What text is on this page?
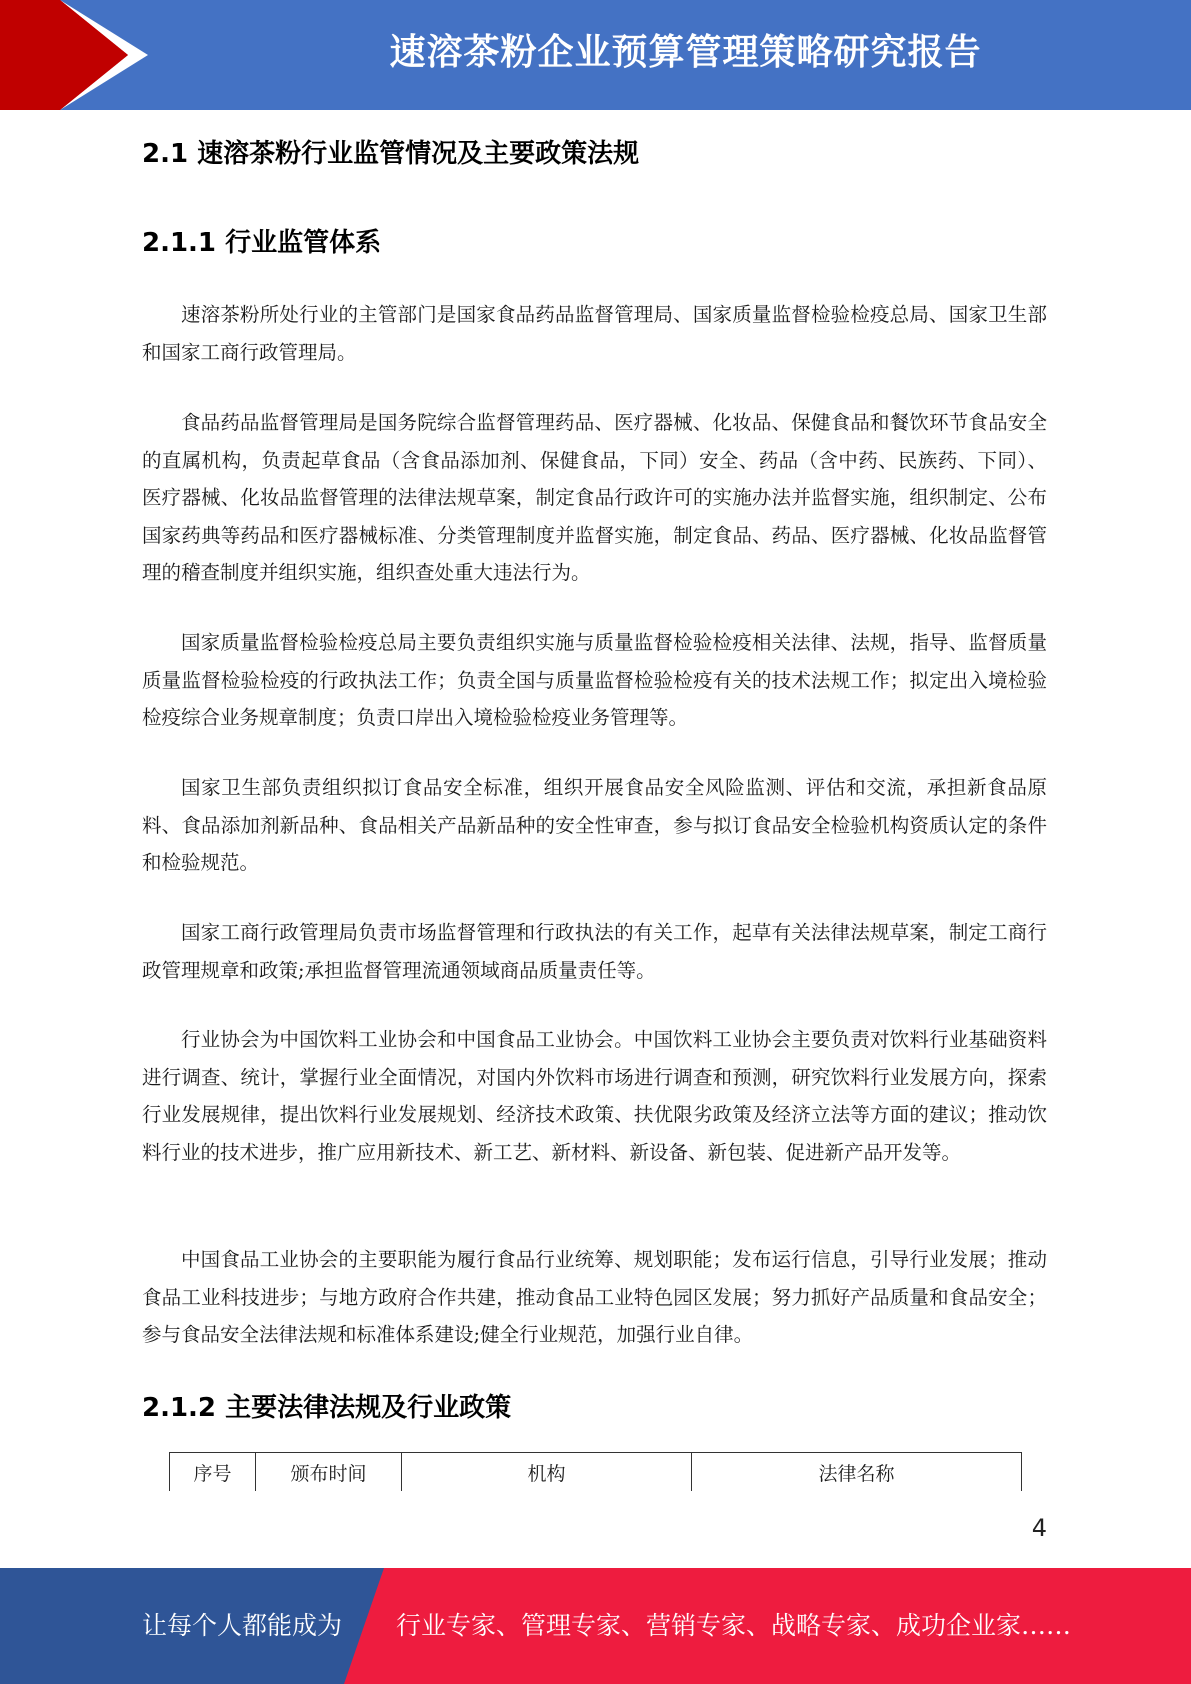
速溶茶粉企业预算管理策略研究报告
2.1 速溶茶粉行业监管情况及主要政策法规
2.1.1 行业监管体系

速溶茶粉所处行业的主管部门是国家食品药品监督管理局、国家质量监督检验检疫总局、国家卫生部和国家工商行政管理局。

食品药品监督管理局是国务院综合监督管理药品、医疗器械、化妆品、保健食品和餐饮环节食品安全的直属机构，负责起草食品（含食品添加剂、保健食品，下同）安全、药品（含中药、民族药、下同）、医疗器械、化妆品监督管理的法律法规草案，制定食品行政许可的实施办法并监督实施，组织制定、公布国家药典等药品和医疗器械标准、分类管理制度并监督实施，制定食品、药品、医疗器械、化妆品监督管理的稽查制度并组织实施，组织查处重大违法行为。

国家质量监督检验检疫总局主要负责组织实施与质量监督检验检疫相关法律、法规，指导、监督质量质量监督检验检疫的行政执法工作；负责全国与质量监督检验检疫有关的技术法规工作；拟定出入境检验检疫综合业务规章制度；负责口岸出入境检验检疫业务管理等。

国家卫生部负责组织拟订食品安全标准，组织开展食品安全风险监测、评估和交流，承担新食品原料、食品添加剂新品种、食品相关产品新品种的安全性审查，参与拟订食品安全检验机构资质认定的条件和检验规范。

国家工商行政管理局负责市场监督管理和行政执法的有关工作，起草有关法律法规草案，制定工商行政管理规章和政策;承担监督管理流通领域商品质量责任等。

行业协会为中国饮料工业协会和中国食品工业协会。中国饮料工业协会主要负责对饮料行业基础资料进行调查、统计，掌握行业全面情况，对国内外饮料市场进行调查和预测，研究饮料行业发展方向，探索行业发展规律，提出饮料行业发展规划、经济技术政策、扶优限劣政策及经济立法等方面的建议；推动饮料行业的技术进步，推广应用新技术、新工艺、新材料、新设备、新包装、促进新产品开发等。

中国食品工业协会的主要职能为履行食品行业统筹、规划职能；发布运行信息，引导行业发展；推动食品工业科技进步；与地方政府合作共建，推动食品工业特色园区发展；努力抓好产品质量和食品安全；参与食品安全法律法规和标准体系建设;健全行业规范，加强行业自律。

2.1.2 主要法律法规及行业政策
序号	颁布时间	机构	法律名称
4
让每个人都能成为 行业专家、管理专家、营销专家、战略专家、成功企业家……
